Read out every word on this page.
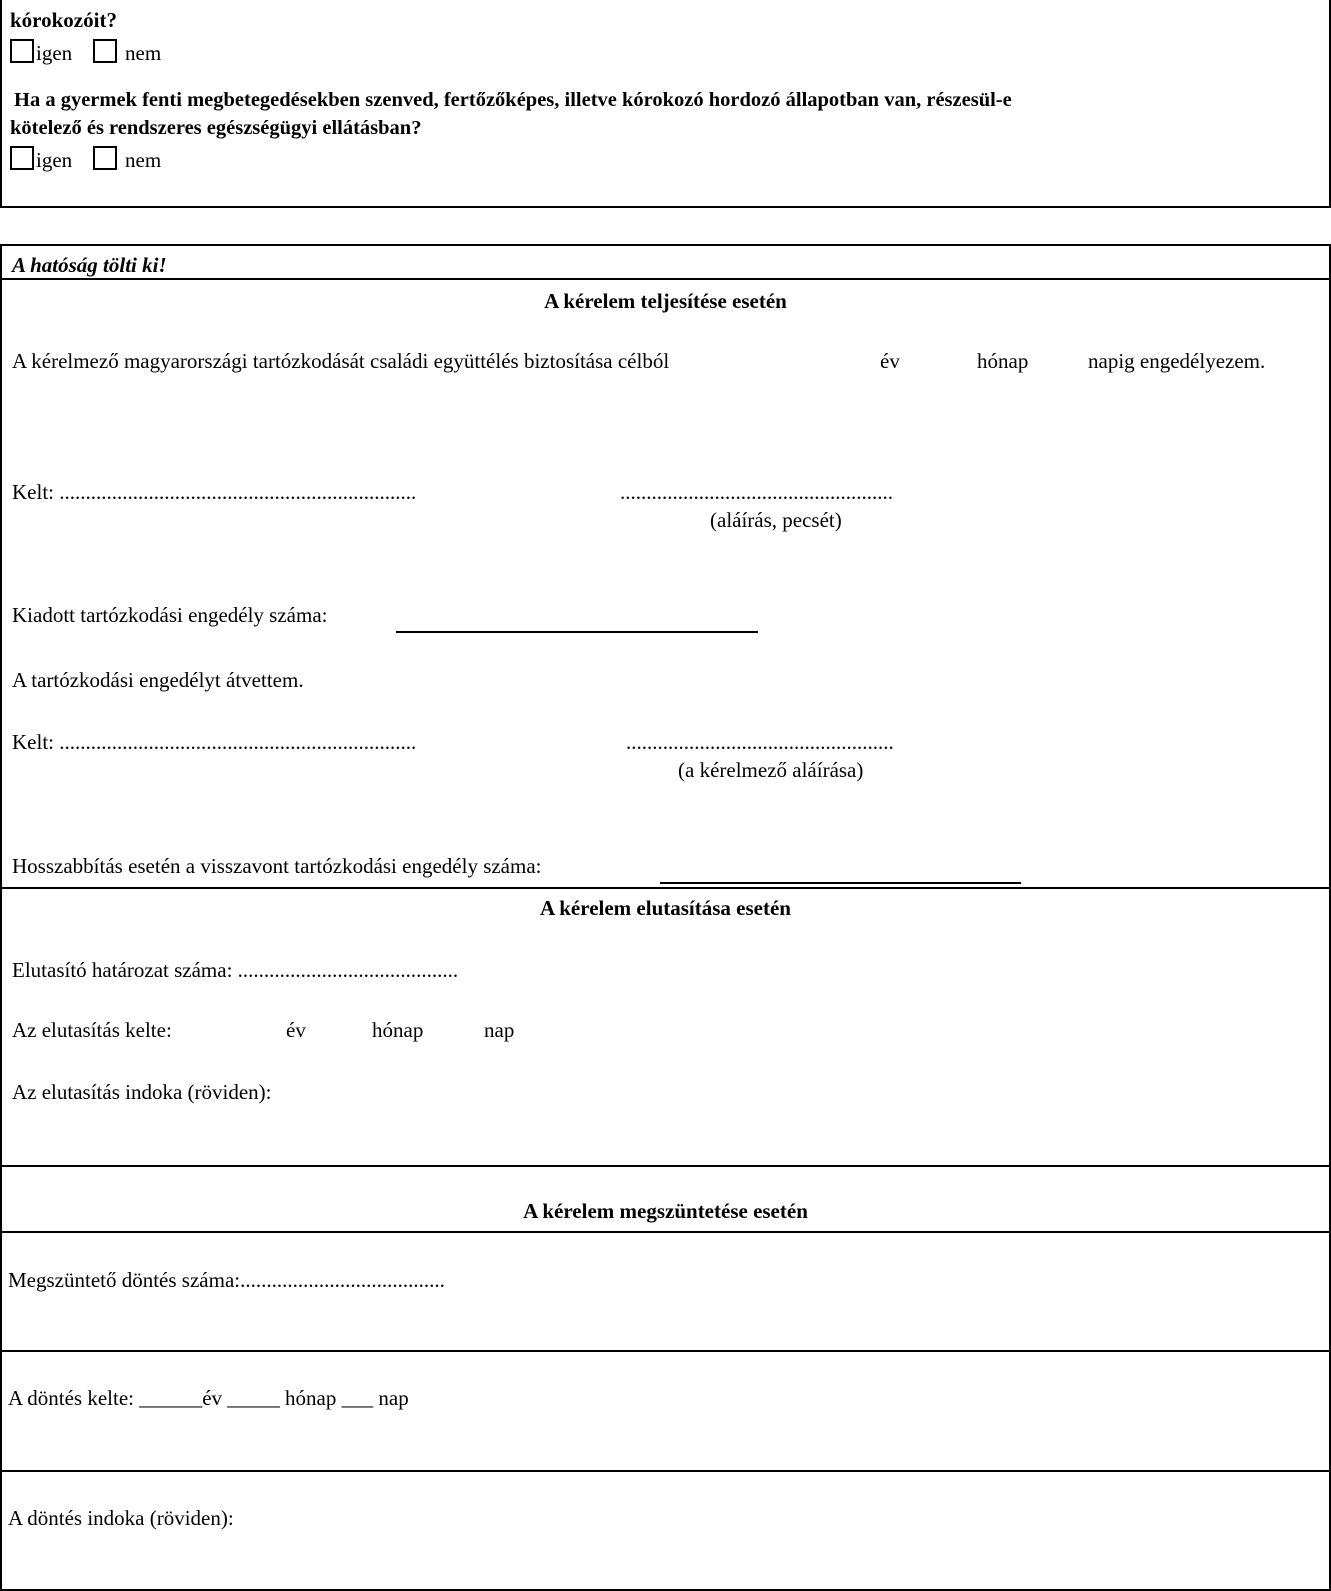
kórokozóit?
igen	nem
Ha a gyermek fenti megbetegedésekben szenved, fertőzőképes, illetve kórokozó hordozó állapotban van, részesül-e
kötelező és rendszeres egészségügyi ellátásban?
igen	nem
A hatóság tölti ki!
A kérelem teljesítése esetén
A kérelmező magyarországi tartózkodását családi együttélés biztosítása célból	év	hónap	napig engedélyezem.
Kelt: ....................................................................	....................................................
(aláírás, pecsét)
Kiadott tartózkodási engedély száma:
A tartózkodási engedélyt átvettem.
Kelt: ....................................................................	...................................................
(a kérelmező aláírása)
Hosszabbítás esetén a visszavont tartózkodási engedély száma:
A kérelem elutasítása esetén
Elutasító határozat száma: ..........................................
Az elutasítás kelte:	év	hónap	nap
Az elutasítás indoka (röviden):
A kérelem megszüntetése esetén
Megszüntető döntés száma:.......................................
A döntés kelte: ______év _____ hónap ___ nap
A döntés indoka (röviden):
